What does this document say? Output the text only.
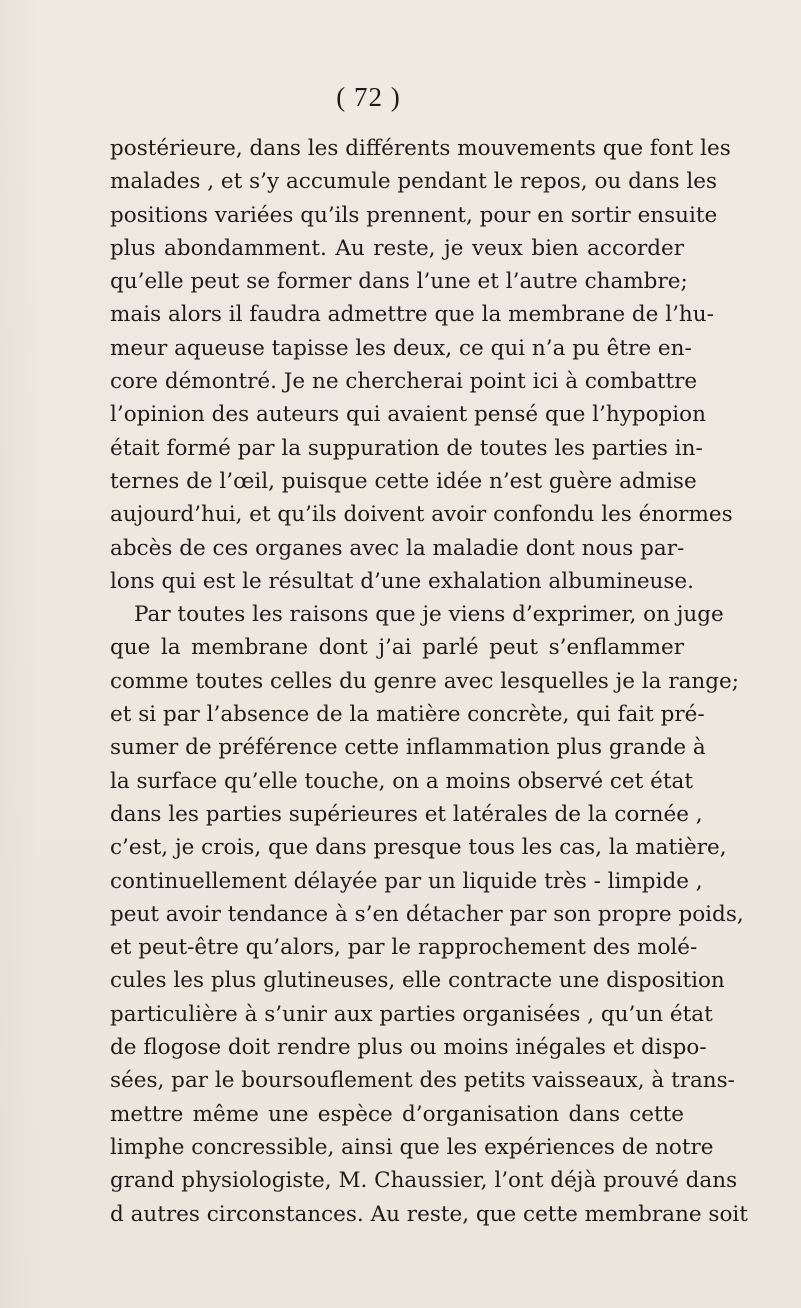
( 72 )
postérieure, dans les différents mouvements que font les
malades , et s’y accumule pendant le repos, ou dans les
positions variées qu’ils prennent, pour en sortir ensuite
plus abondamment. Au reste, je veux bien accorder
qu’elle peut se former dans l’une et l’autre chambre;
mais alors il faudra admettre que la membrane de l’hu-
meur aqueuse tapisse les deux, ce qui n’a pu être en-
core démontré. Je ne chercherai point ici à combattre
l’opinion des auteurs qui avaient pensé que l’hypopion
était formé par la suppuration de toutes les parties in-
ternes de l’œil, puisque cette idée n’est guère admise
aujourd’hui, et qu’ils doivent avoir confondu les énormes
abcès de ces organes avec la maladie dont nous par-
lons qui est le résultat d’une exhalation albumineuse.
Par toutes les raisons que je viens d’exprimer, on juge
que la membrane dont j’ai parlé peut s’enflammer
comme toutes celles du genre avec lesquelles je la range;
et si par l’absence de la matière concrète, qui fait pré-
sumer de préférence cette inflammation plus grande à
la surface qu’elle touche, on a moins observé cet état
dans les parties supérieures et latérales de la cornée ,
c’est, je crois, que dans presque tous les cas, la matière,
continuellement délayée par un liquide très - limpide ,
peut avoir tendance à s’en détacher par son propre poids,
et peut-être qu’alors, par le rapprochement des molé-
cules les plus glutineuses, elle contracte une disposition
particulière à s’unir aux parties organisées , qu’un état
de flogose doit rendre plus ou moins inégales et dispo-
sées, par le boursouflement des petits vaisseaux, à trans-
mettre même une espèce d’organisation dans cette
limphe concressible, ainsi que les expériences de notre
grand physiologiste, M. Chaussier, l’ont déjà prouvé dans
d autres circonstances. Au reste, que cette membrane soit
